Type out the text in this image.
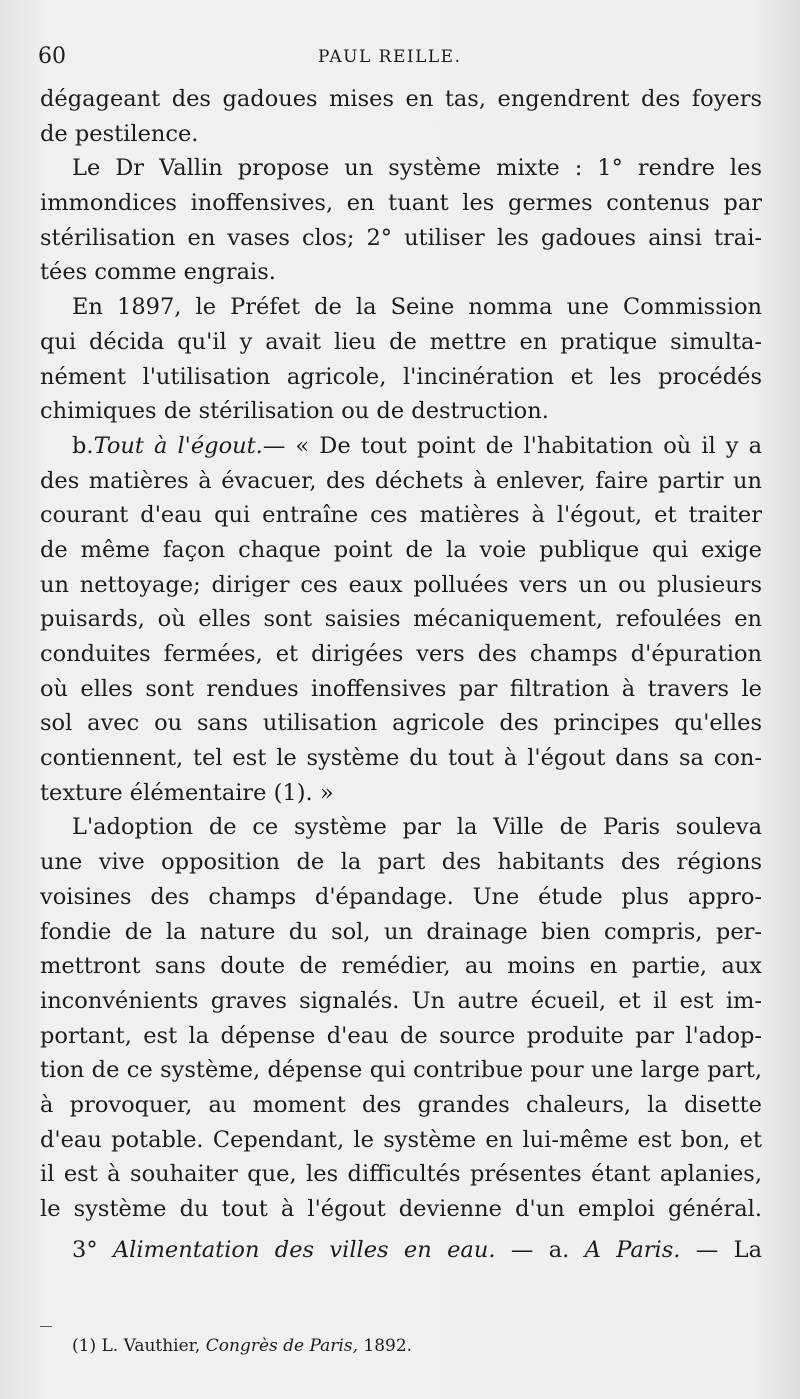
60	PAUL REILLE.
dégageant des gadoues mises en tas, engendrent des foyers
de pestilence.
Le Dr Vallin propose un système mixte : 1° rendre les
immondices inoffensives, en tuant les germes contenus par
stérilisation en vases clos; 2° utiliser les gadoues ainsi trai-
tées comme engrais.
En 1897, le Préfet de la Seine nomma une Commission
qui décida qu'il y avait lieu de mettre en pratique simulta-
nément l'utilisation agricole, l'incinération et les procédés
chimiques de stérilisation ou de destruction.
b.Tout à l'égout.— « De tout point de l'habitation où il y a
des matières à évacuer, des déchets à enlever, faire partir un
courant d'eau qui entraîne ces matières à l'égout, et traiter
de même façon chaque point de la voie publique qui exige
un nettoyage; diriger ces eaux polluées vers un ou plusieurs
puisards, où elles sont saisies mécaniquement, refoulées en
conduites fermées, et dirigées vers des champs d'épuration
où elles sont rendues inoffensives par filtration à travers le
sol avec ou sans utilisation agricole des principes qu'elles
contiennent, tel est le système du tout à l'égout dans sa con-
texture élémentaire (1). »
L'adoption de ce système par la Ville de Paris souleva
une vive opposition de la part des habitants des régions
voisines des champs d'épandage. Une étude plus appro-
fondie de la nature du sol, un drainage bien compris, per-
mettront sans doute de remédier, au moins en partie, aux
inconvénients graves signalés. Un autre écueil, et il est im-
portant, est la dépense d'eau de source produite par l'adop-
tion de ce système, dépense qui contribue pour une large part,
à provoquer, au moment des grandes chaleurs, la disette
d'eau potable. Cependant, le système en lui-même est bon, et
il est à souhaiter que, les difficultés présentes étant aplanies,
le système du tout à l'égout devienne d'un emploi général.
3° Alimentation des villes en eau. — a. A Paris. — La
(1) L. Vauthier, Congrès de Paris, 1892.
